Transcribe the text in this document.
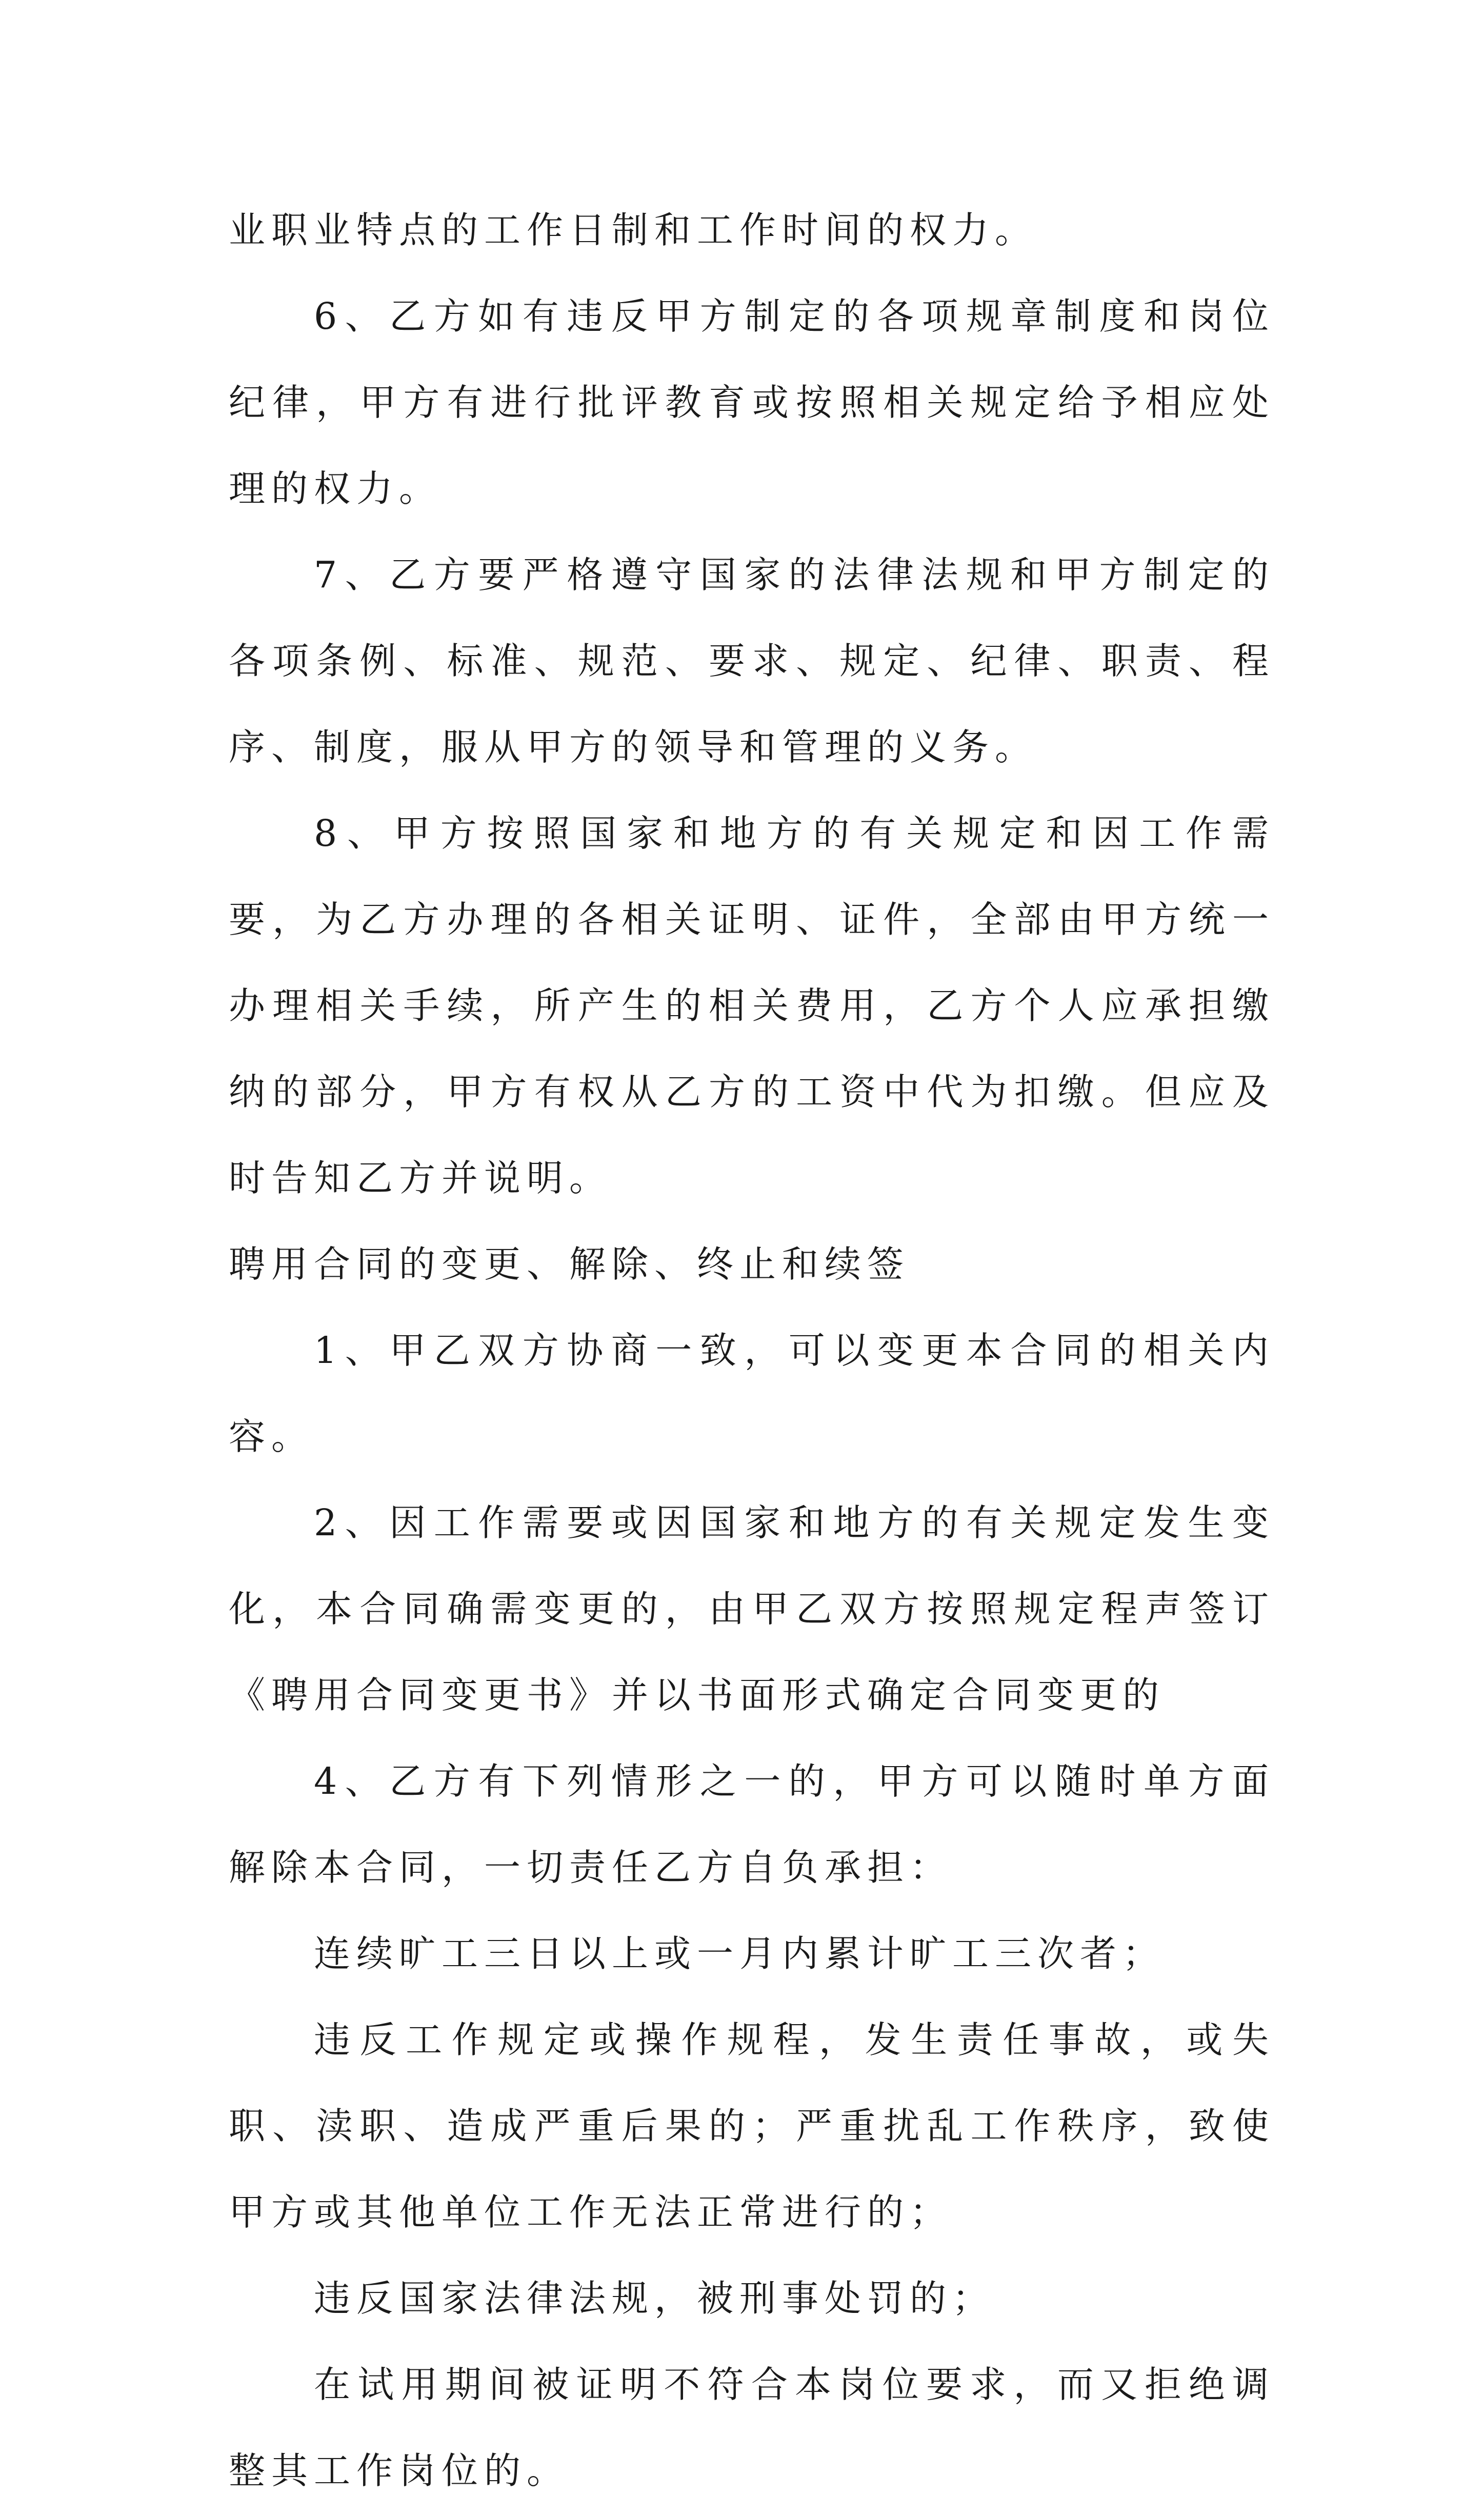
业职业特点的工作日制和工作时间的权力。

6、乙方如有违反甲方制定的各项规章制度和岗位纪律，甲方有进行批评教育或按照相关规定给予相应处理的权力。

7、乙方要严格遵守国家的法律法规和甲方制定的各项条例、标准、规范、要求、规定、纪律、职责、程序、制度，服从甲方的领导和管理的义务。

8、甲方按照国家和地方的有关规定和因工作需要，为乙方办理的各相关证明、证件，全部由甲方统一办理相关手续，所产生的相关费用，乙方个人应承担缴纳的部分，甲方有权从乙方的工资中代为扣缴。但应及时告知乙方并说明。

聘用合同的变更、解除、终止和续签

1、甲乙双方协商一致，可以变更本合同的相关内容。

2、因工作需要或因国家和地方的有关规定发生变化，本合同确需变更的，由甲乙双方按照规定程声签订《聘用合同变更书》并以书面形式确定合同变更的

4、乙方有下列情形之一的，甲方可以随时单方面解除本合同，一切责任乙方自负承担：

连续旷工三日以上或一月内累计旷工三次者；

违反工作规定或操作规程，发生责任事故，或失职、渎职、造成严重后果的；严重扰乱工作秩序，致使甲方或其他单位工作无法正常进行的；

违反国家法律法规，被刑事处罚的；

在试用期间被证明不符合本岗位要求，而又拒绝调整其工作岗位的。
